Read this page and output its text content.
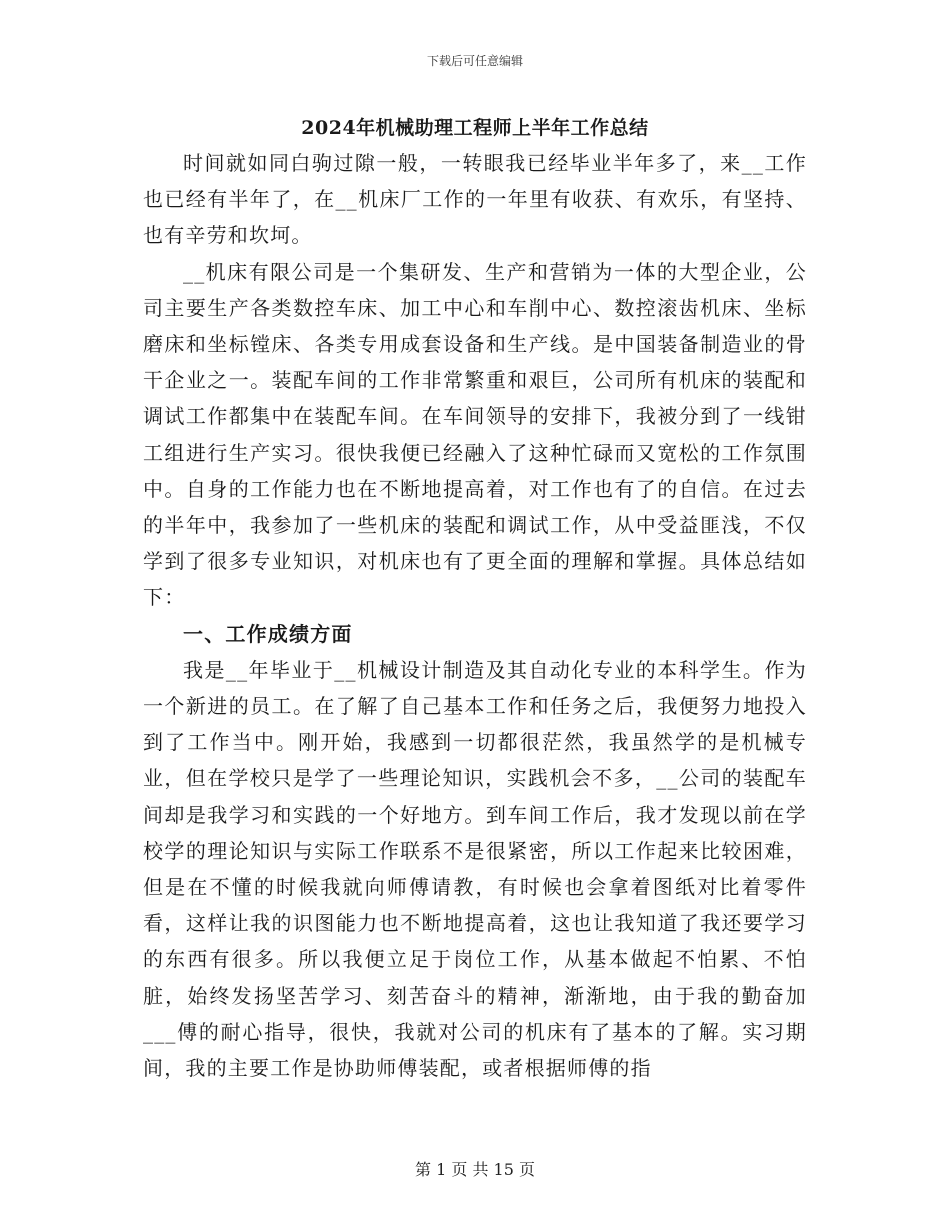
下载后可任意编辑
2024年机械助理工程师上半年工作总结

时间就如同白驹过隙一般，一转眼我已经毕业半年多了，来__工作也已经有半年了，在__机床厂工作的一年里有收获、有欢乐，有坚持、也有辛劳和坎坷。

__机床有限公司是一个集研发、生产和营销为一体的大型企业，公司主要生产各类数控车床、加工中心和车削中心、数控滚齿机床、坐标磨床和坐标镗床、各类专用成套设备和生产线。是中国装备制造业的骨干企业之一。装配车间的工作非常繁重和艰巨，公司所有机床的装配和调试工作都集中在装配车间。在车间领导的安排下，我被分到了一线钳工组进行生产实习。很快我便已经融入了这种忙碌而又宽松的工作氛围中。自身的工作能力也在不断地提高着，对工作也有了的自信。在过去的半年中，我参加了一些机床的装配和调试工作，从中受益匪浅，不仅学到了很多专业知识，对机床也有了更全面的理解和掌握。具体总结如下：

一、工作成绩方面

我是__年毕业于__机械设计制造及其自动化专业的本科学生。作为一个新进的员工。在了解了自己基本工作和任务之后，我便努力地投入到了工作当中。刚开始，我感到一切都很茫然，我虽然学的是机械专业，但在学校只是学了一些理论知识，实践机会不多，__公司的装配车间却是我学习和实践的一个好地方。到车间工作后，我才发现以前在学校学的理论知识与实际工作联系不是很紧密，所以工作起来比较困难，但是在不懂的时候我就向师傅请教，有时候也会拿着图纸对比着零件看，这样让我的识图能力也不断地提高着，这也让我知道了我还要学习的东西有很多。所以我便立足于岗位工作，从基本做起不怕累、不怕脏，始终发扬坚苦学习、刻苦奋斗的精神，渐渐地，由于我的勤奋加___傅的耐心指导，很快，我就对公司的机床有了基本的了解。实习期间，我的主要工作是协助师傅装配，或者根据师傅的指

第 1 页 共 15 页
